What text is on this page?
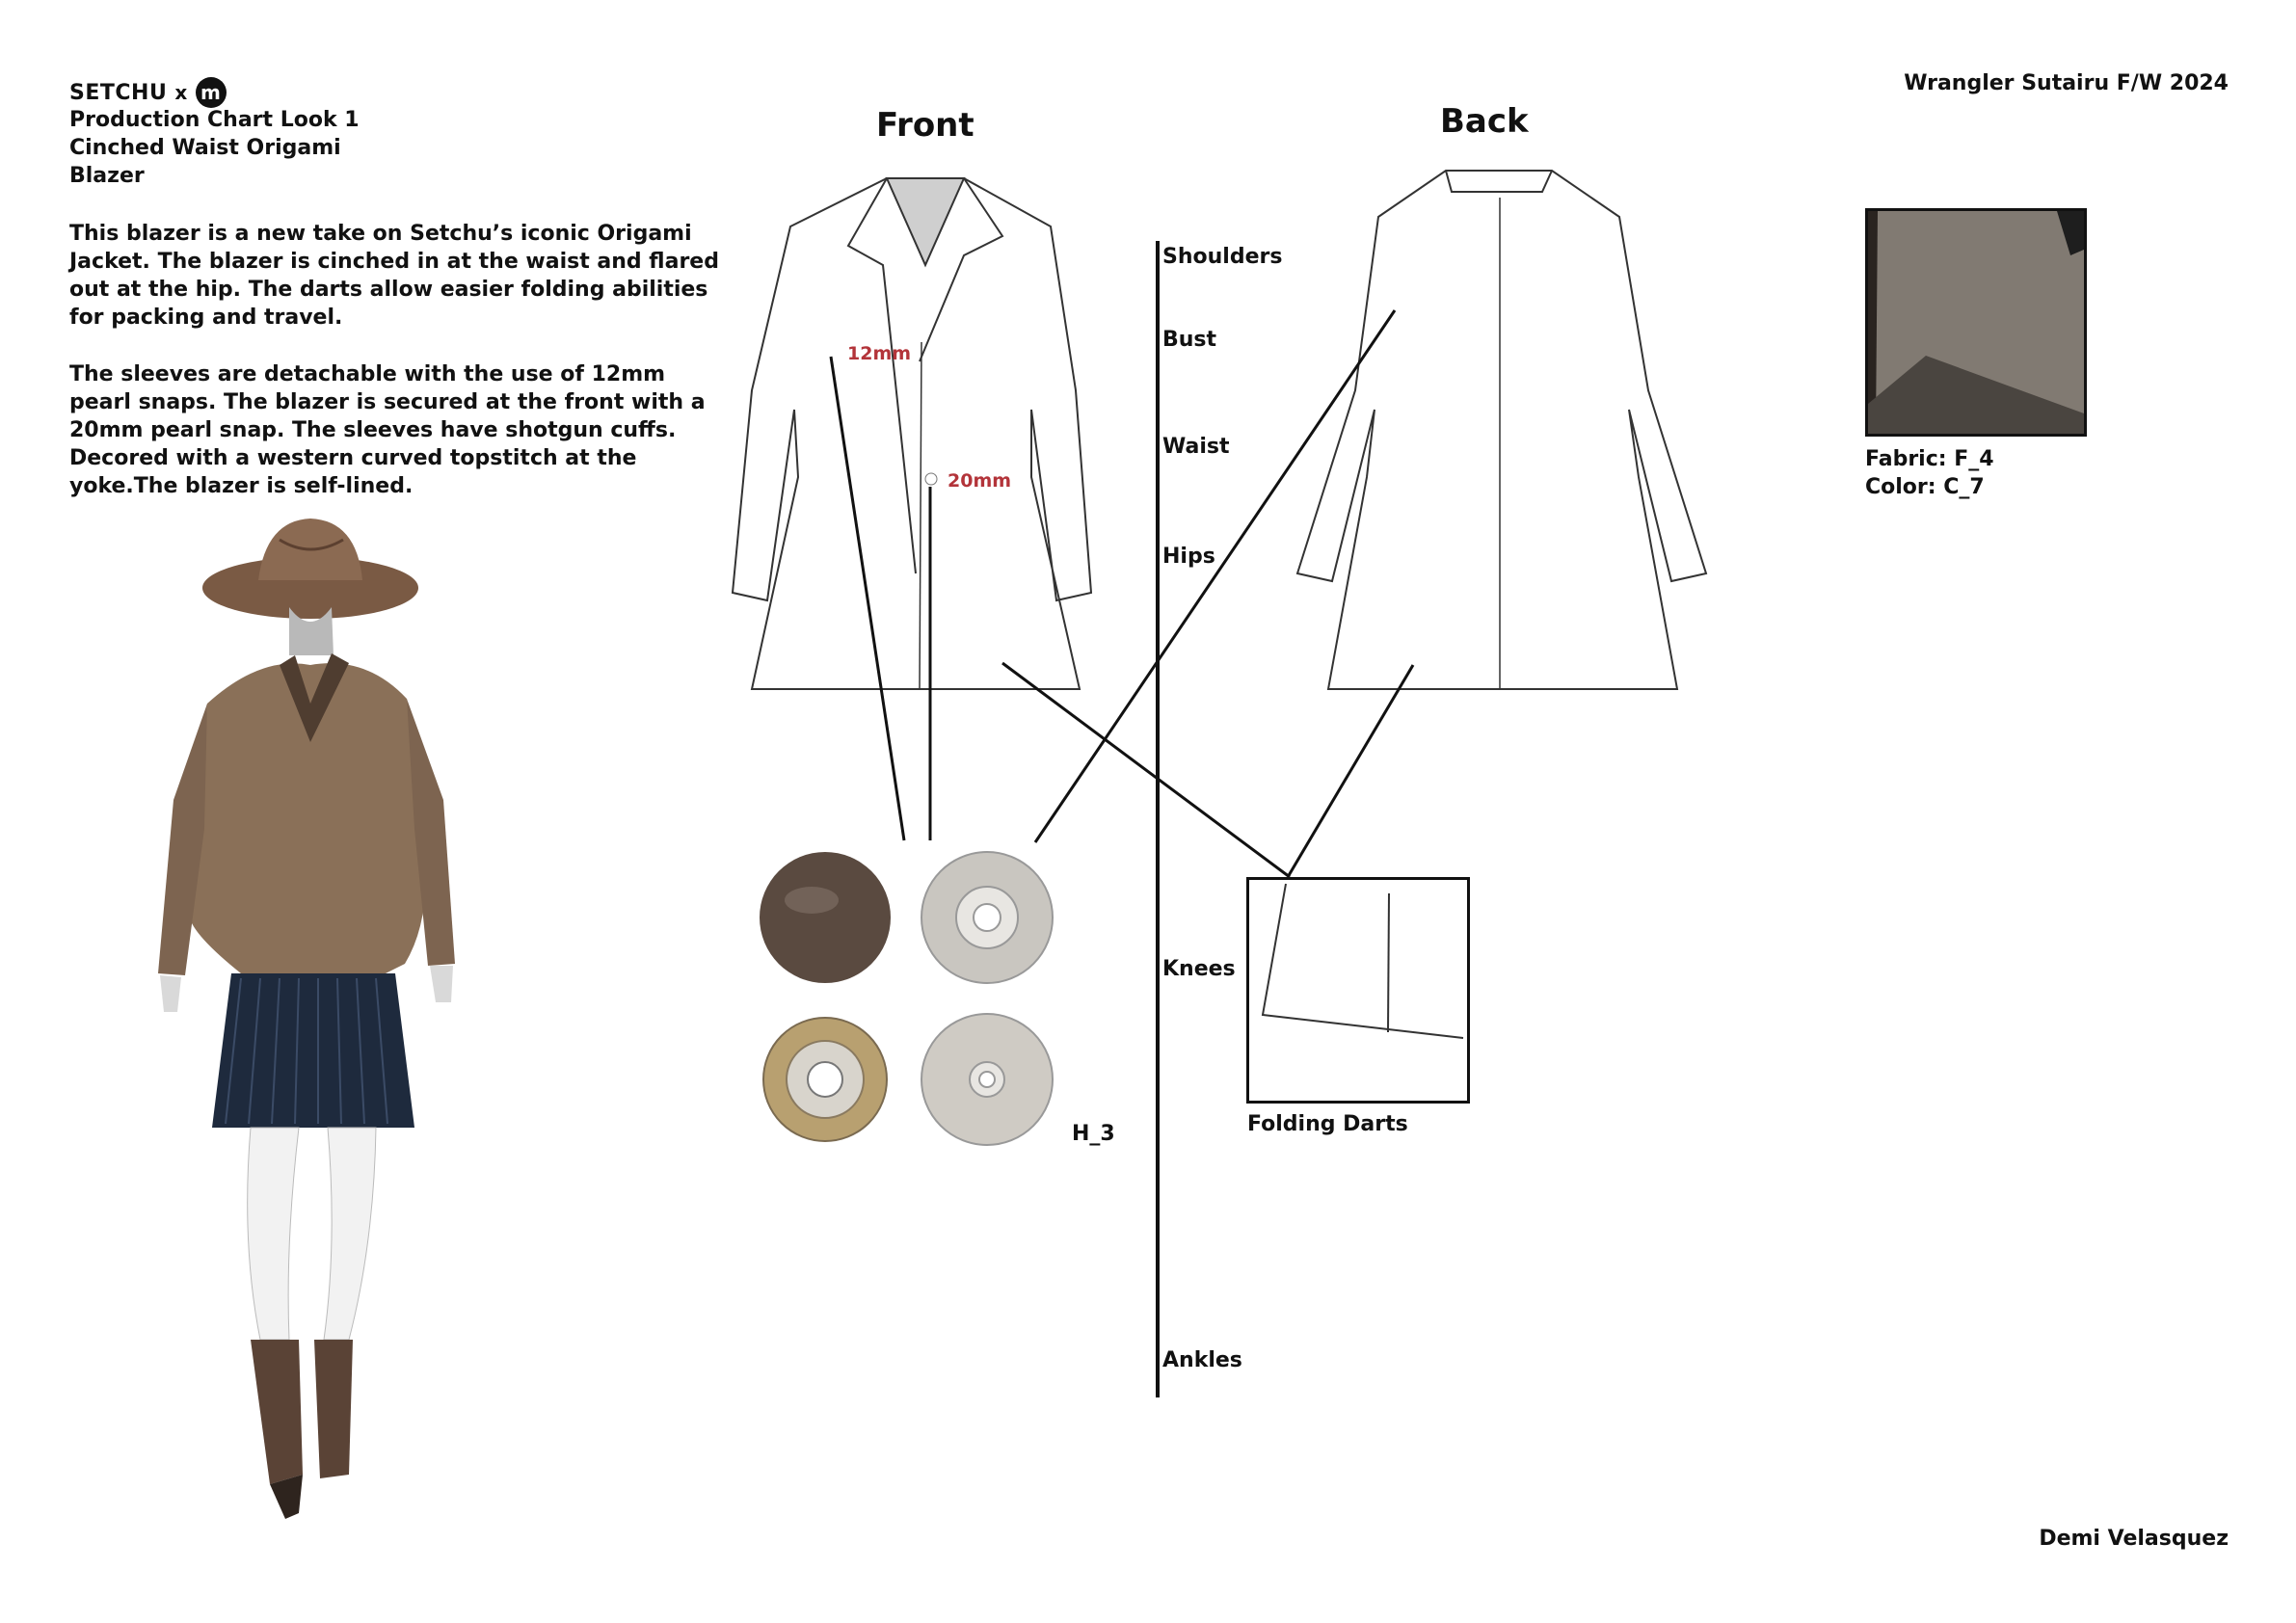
SETCHU x m
Production Chart Look 1
Cinched Waist Origami
Blazer
This blazer is a new take on Setchu’s iconic Origami Jacket. The blazer is cinched in at the waist and flared out at the hip. The darts allow easier folding abilities for packing and travel.
The sleeves are detachable with the use of 12mm pearl snaps. The blazer is secured at the front with a 20mm pearl snap. The sleeves have shotgun cuffs. Decored with a western curved topstitch at the yoke.The blazer is self-lined.
Wrangler Sutairu F/W 2024
Front	Back
12mm
20mm
Shoulders
Bust
Waist
Hips
Knees
Ankles
H_3	Folding Darts
Fabric: F_4
Color: C_7
Demi Velasquez
